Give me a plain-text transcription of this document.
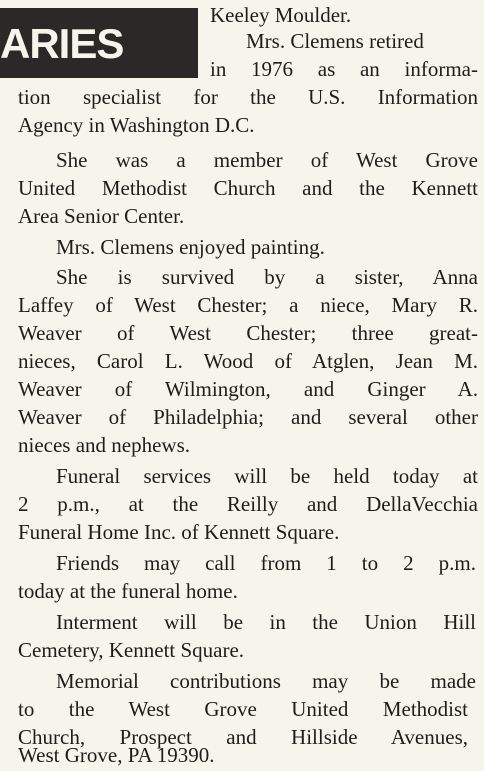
ARIES
Keeley Moulder.
Mrs. Clemens retired
in 1976 as an informa-
tion specialist for the U.S. Information
Agency in Washington D.C.
She was a member of West Grove
United Methodist Church and the Kennett
Area Senior Center.
Mrs. Clemens enjoyed painting.
She is survived by a sister, Anna
Laffey of West Chester; a niece, Mary R.
Weaver of West Chester; three great-
nieces, Carol L. Wood of Atglen, Jean M.
Weaver of Wilmington, and Ginger A.
Weaver of Philadelphia; and several other
nieces and nephews.
Funeral services will be held today at
2 p.m., at the Reilly and DellaVecchia
Funeral Home Inc. of Kennett Square.
Friends may call from 1 to 2 p.m.
today at the funeral home.
Interment will be in the Union Hill
Cemetery, Kennett Square.
Memorial contributions may be made
to the West Grove United Methodist
Church, Prospect and Hillside Avenues,
West Grove, PA 19390.
